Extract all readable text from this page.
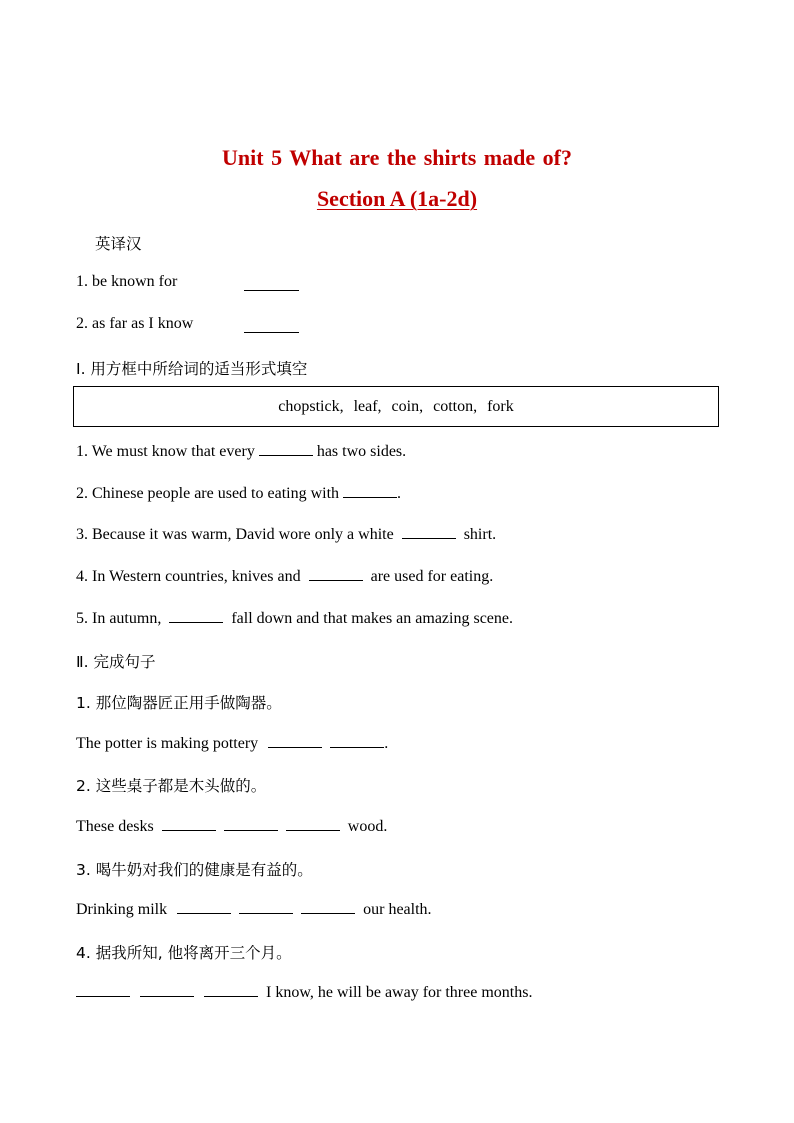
Unit 5 What are the shirts made of?
Section A (1a-2d)
英译汉
1. be known for
2. as far as I know
Ⅰ. 用方框中所给词的适当形式填空
chopstick, leaf, coin, cotton, fork
1. We must know that every	has two sides.
2. Chinese people are used to eating with	.
3. Because it was warm, David wore only a white	shirt.
4. In Western countries, knives and	are used for eating.
5. In autumn,	fall down and that makes an amazing scene.
Ⅱ. 完成句子
1. 那位陶器匠正用手做陶器。
The potter is making pottery	.
2. 这些桌子都是木头做的。
These desks	wood.
3. 喝牛奶对我们的健康是有益的。
Drinking milk	our health.
4. 据我所知, 他将离开三个月。
I know, he will be away for three months.
